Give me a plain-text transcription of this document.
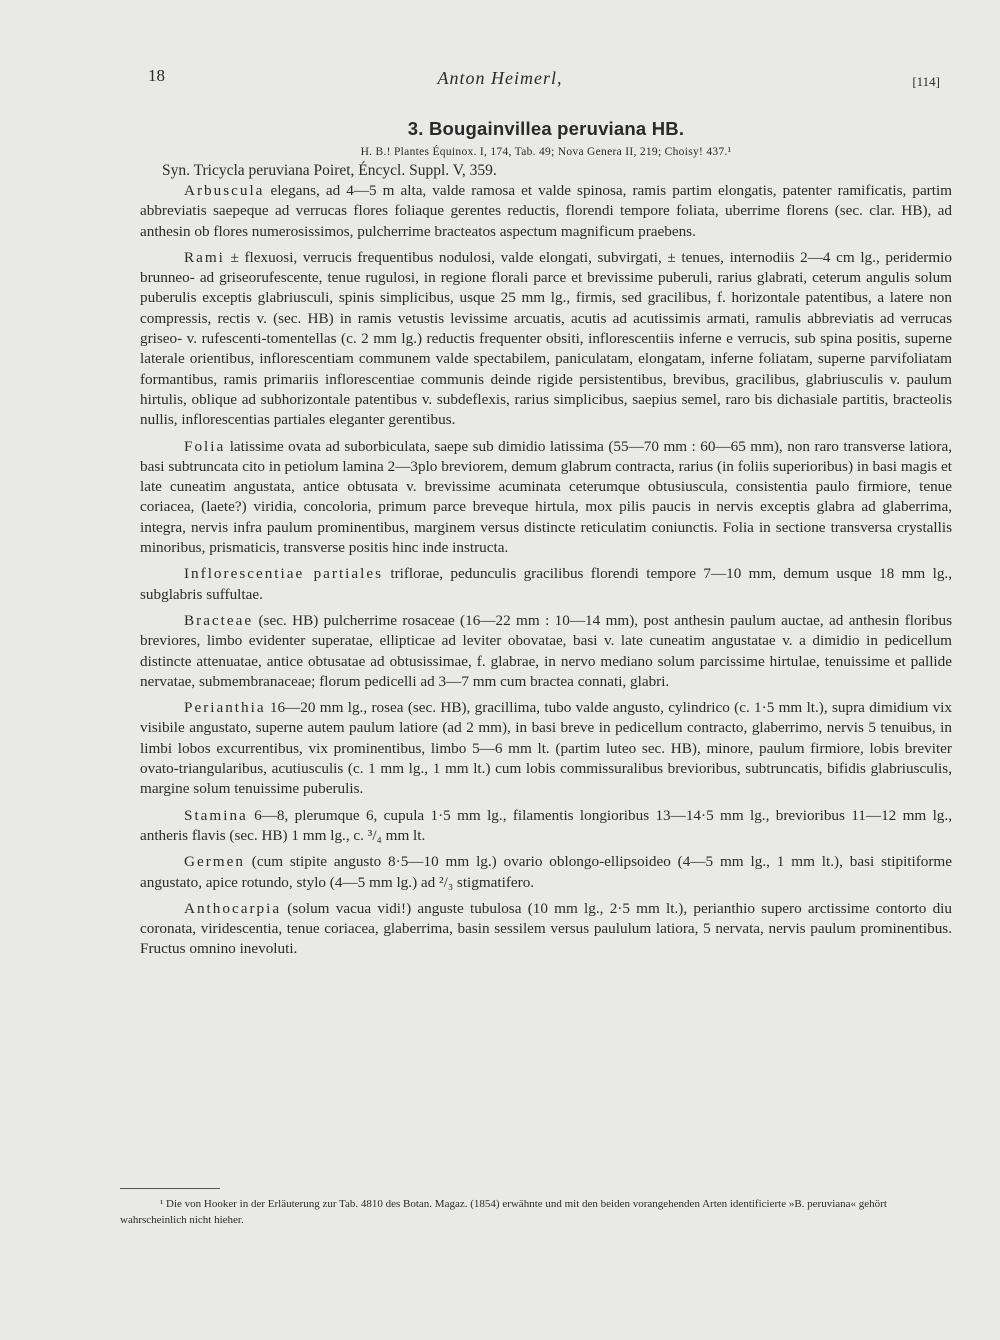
18	Anton Heimerl,	[114]
3. Bougainvillea peruviana HB.
H. B.! Plantes Équinox. I, 174, Tab. 49; Nova Genera II, 219; Choisy! 437.¹
Syn. Tricycla peruviana Poiret, Éncycl. Suppl. V, 359.

Arbuscula elegans, ad 4—5 m alta, valde ramosa et valde spinosa, ramis partim elongatis, patenter ramificatis, partim abbreviatis saepeque ad verrucas flores foliaque gerentes reductis, florendi tempore foliata, uberrime florens (sec. clar. HB), ad anthesin ob flores numerosissimos, pulcherrime bracteatos aspectum magnificum praebens.

Rami ± flexuosi, verrucis frequentibus nodulosi, valde elongati, subvirgati, ± tenues, internodiis 2—4 cm lg., peridermio brunneo- ad griseorufescente, tenue rugulosi, in regione florali parce et brevissime puberuli, rarius glabrati, ceterum angulis solum puberulis exceptis glabriusculi, spinis simplicibus, usque 25 mm lg., firmis, sed gracilibus, f. horizontale patentibus, a latere non compressis, rectis v. (sec. HB) in ramis vetustis levissime arcuatis, acutis ad acutissimis armati, ramulis abbreviatis ad verrucas griseo- v. rufescenti-tomentellas (c. 2 mm lg.) reductis frequenter obsiti, inflorescentiis inferne e verrucis, sub spina positis, superne laterale orientibus, inflorescentiam communem valde spectabilem, paniculatam, elongatam, inferne foliatam, superne parvifoliatam formantibus, ramis primariis inflorescentiae communis deinde rigide persistentibus, brevibus, gracilibus, glabriusculis v. paulum hirtulis, oblique ad subhorizontale patentibus v. subdeflexis, rarius simplicibus, saepius semel, raro bis dichasiale partitis, bracteolis nullis, inflorescentias partiales eleganter gerentibus.

Folia latissime ovata ad suborbiculata, saepe sub dimidio latissima (55—70 mm : 60—65 mm), non raro transverse latiora, basi subtruncata cito in petiolum lamina 2—3plo breviorem, demum glabrum contracta, rarius (in foliis superioribus) in basi magis et late cuneatim angustata, antice obtusata v. brevissime acuminata ceterumque obtusiuscula, consistentia paulo firmiore, tenue coriacea, (laete?) viridia, concoloria, primum parce breveque hirtula, mox pilis paucis in nervis exceptis glabra ad glaberrima, integra, nervis infra paulum prominentibus, marginem versus distincte reticulatim coniunctis. Folia in sectione transversa crystallis minoribus, prismaticis, transverse positis hinc inde instructa.

Inflorescentiae partiales triflorae, pedunculis gracilibus florendi tempore 7—10 mm, demum usque 18 mm lg., subglabris suffultae.

Bracteae (sec. HB) pulcherrime rosaceae (16—22 mm : 10—14 mm), post anthesin paulum auctae, ad anthesin floribus breviores, limbo evidenter superatae, ellipticae ad leviter obovatae, basi v. late cuneatim angustatae v. a dimidio in pedicellum distincte attenuatae, antice obtusatae ad obtusissimae, f. glabrae, in nervo mediano solum parcissime hirtulae, tenuissime et pallide nervatae, submembranaceae; florum pedicelli ad 3—7 mm cum bractea connati, glabri.

Perianthia 16—20 mm lg., rosea (sec. HB), gracillima, tubo valde angusto, cylindrico (c. 1·5 mm lt.), supra dimidium vix visibile angustato, superne autem paulum latiore (ad 2 mm), in basi breve in pedicellum contracto, glaberrimo, nervis 5 tenuibus, in limbi lobos excurrentibus, vix prominentibus, limbo 5—6 mm lt. (partim luteo sec. HB), minore, paulum firmiore, lobis breviter ovato-triangularibus, acutiusculis (c. 1 mm lg., 1 mm lt.) cum lobis commissuralibus brevioribus, subtruncatis, bifidis glabriusculis, margine solum tenuissime puberulis.

Stamina 6—8, plerumque 6, cupula 1·5 mm lg., filamentis longioribus 13—14·5 mm lg., brevioribus 11—12 mm lg., antheris flavis (sec. HB) 1 mm lg., c. ³/₄ mm lt.

Germen (cum stipite angusto 8·5—10 mm lg.) ovario oblongo-ellipsoideo (4—5 mm lg., 1 mm lt.), basi stipitiforme angustato, apice rotundo, stylo (4—5 mm lg.) ad ²/₃ stigmatifero.

Anthocarpia (solum vacua vidi!) anguste tubulosa (10 mm lg., 2·5 mm lt.), perianthio supero arctissime contorto diu coronata, viridescentia, tenue coriacea, glaberrima, basin sessilem versus paululum latiora, 5 nervata, nervis paulum prominentibus. Fructus omnino inevoluti.

¹ Die von Hooker in der Erläuterung zur Tab. 4810 des Botan. Magaz. (1854) erwähnte und mit den beiden vorangehenden Arten identificierte »B. peruviana« gehört wahrscheinlich nicht hieher.
